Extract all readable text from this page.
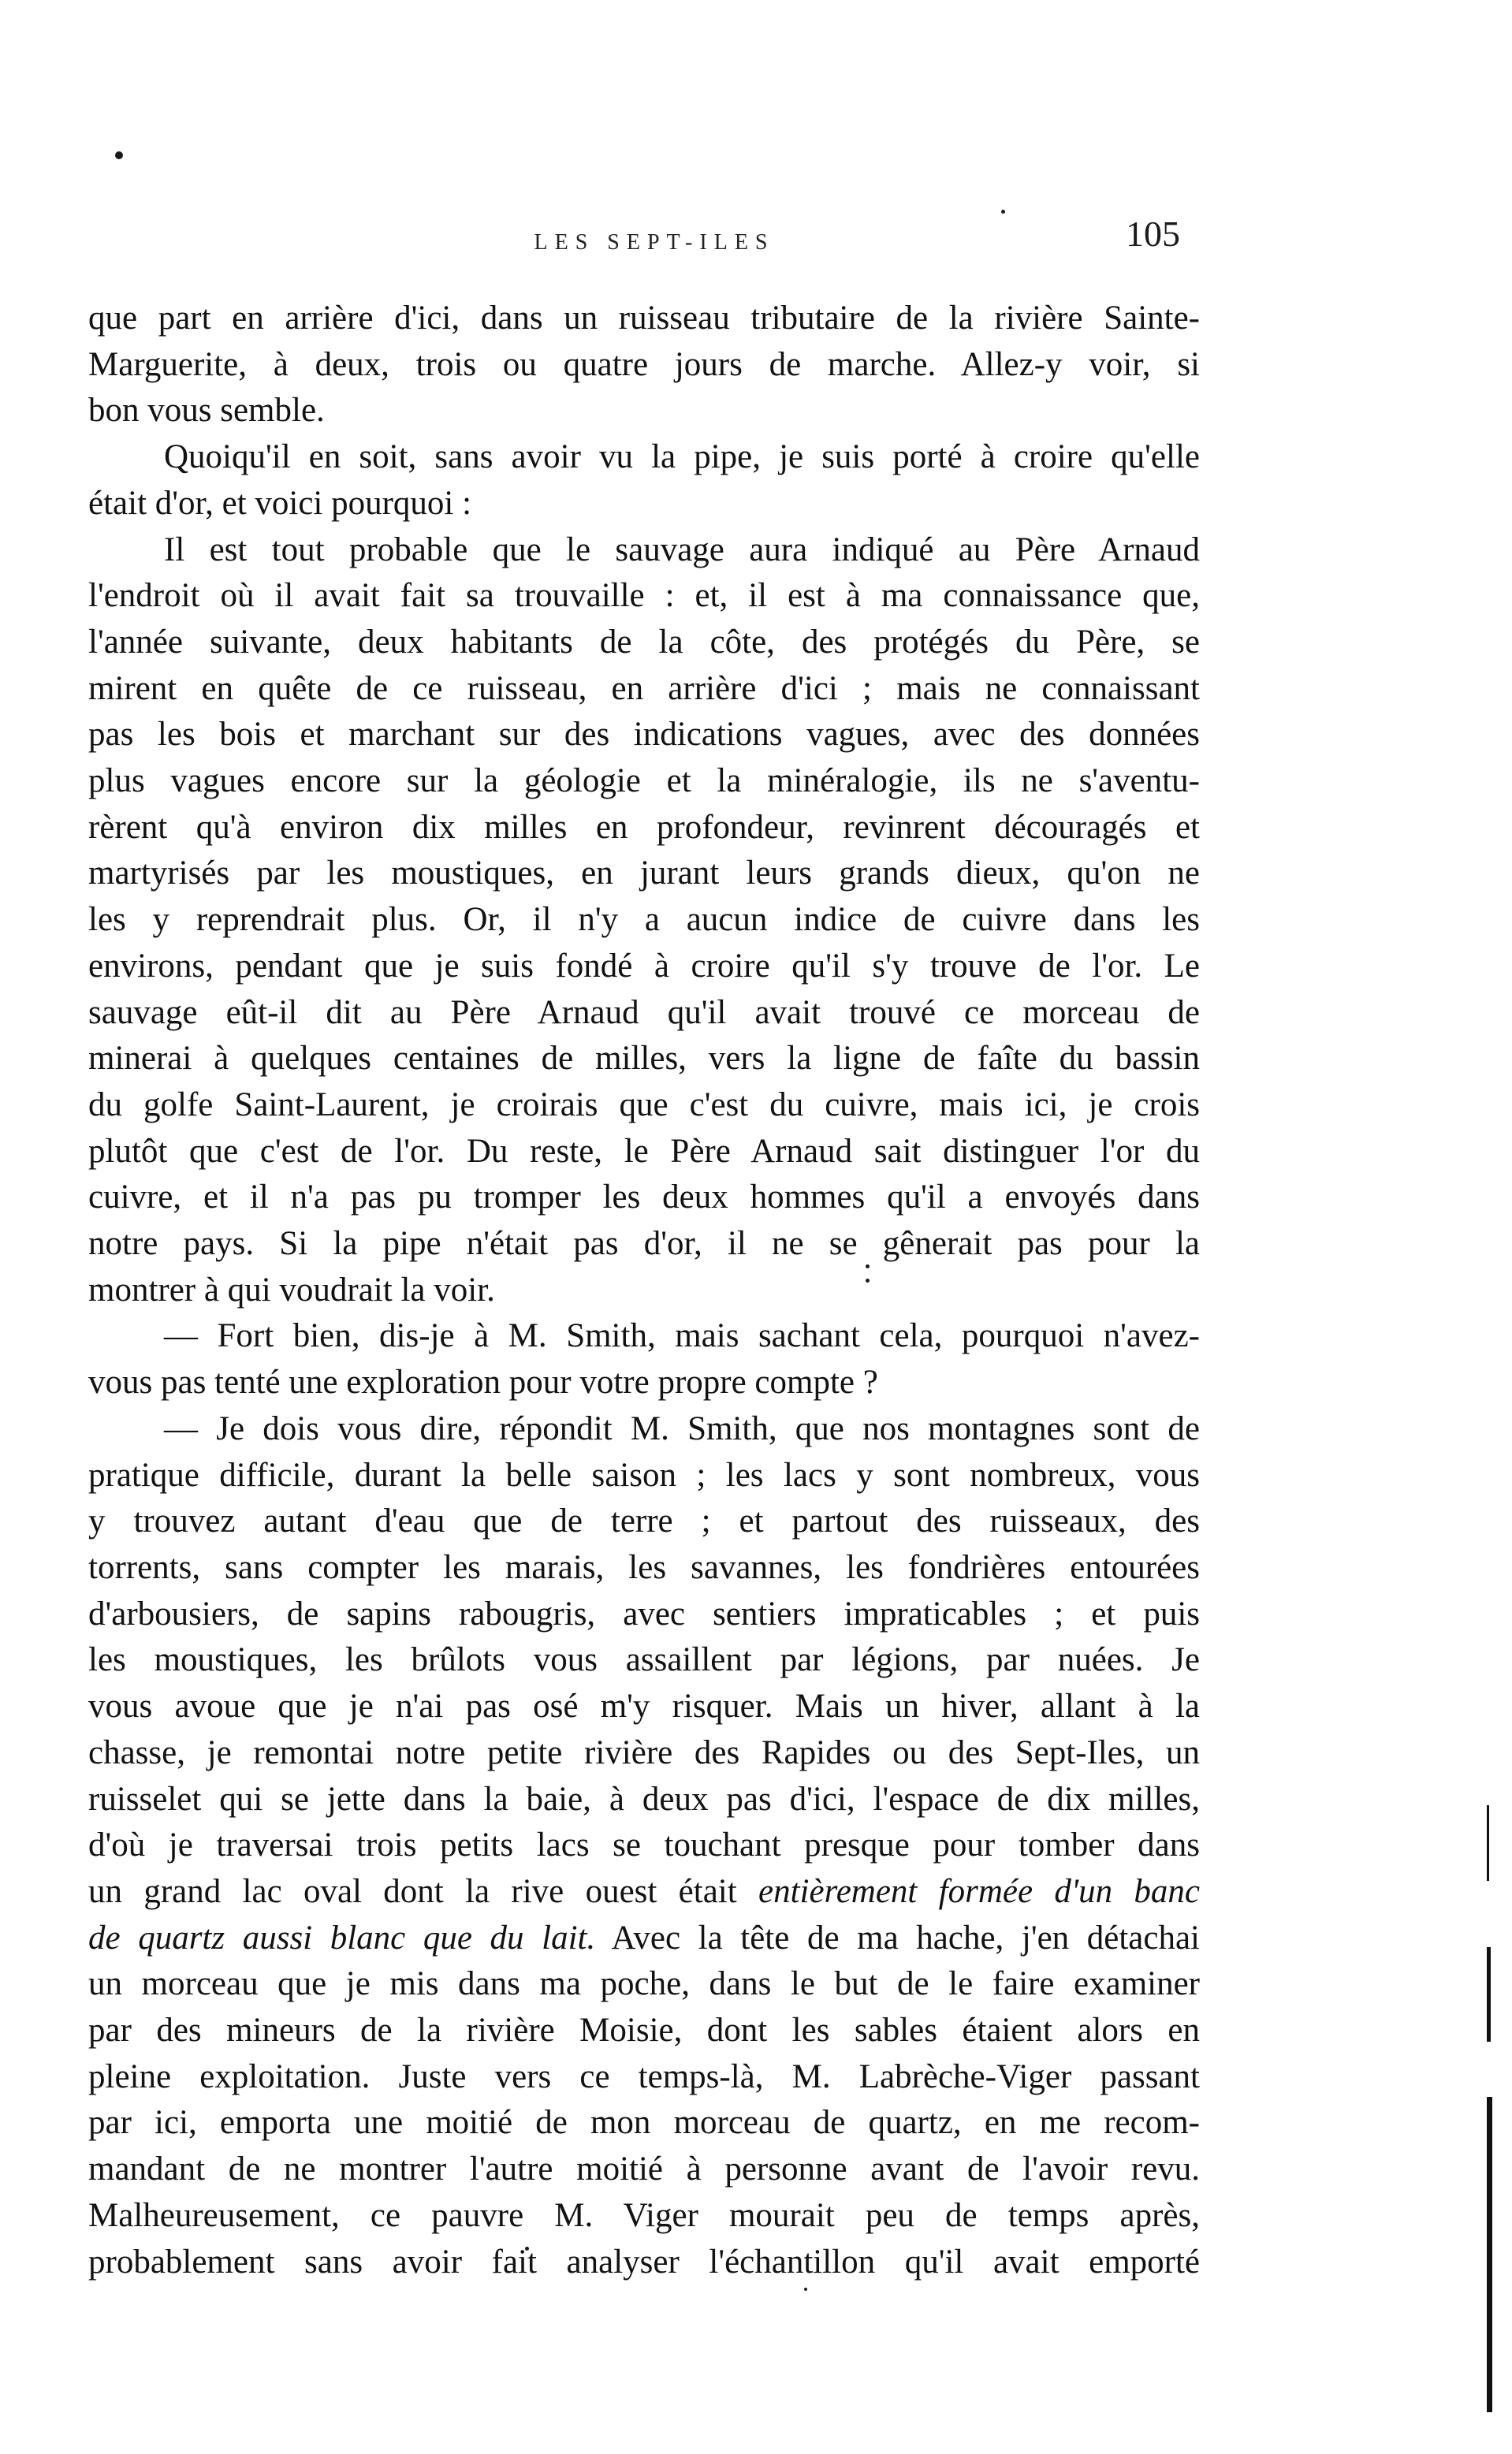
LES SEPT-ILES	105
que part en arrière d'ici, dans un ruisseau tributaire de la rivière Sainte-
Marguerite, à deux, trois ou quatre jours de marche. Allez-y voir, si
bon vous semble.
Quoiqu'il en soit, sans avoir vu la pipe, je suis porté à croire qu'elle
était d'or, et voici pourquoi :
Il est tout probable que le sauvage aura indiqué au Père Arnaud
l'endroit où il avait fait sa trouvaille : et, il est à ma connaissance que,
l'année suivante, deux habitants de la côte, des protégés du Père, se
mirent en quête de ce ruisseau, en arrière d'ici ; mais ne connaissant
pas les bois et marchant sur des indications vagues, avec des données
plus vagues encore sur la géologie et la minéralogie, ils ne s'aventu-
rèrent qu'à environ dix milles en profondeur, revinrent découragés et
martyrisés par les moustiques, en jurant leurs grands dieux, qu'on ne
les y reprendrait plus. Or, il n'y a aucun indice de cuivre dans les
environs, pendant que je suis fondé à croire qu'il s'y trouve de l'or. Le
sauvage eût-il dit au Père Arnaud qu'il avait trouvé ce morceau de
minerai à quelques centaines de milles, vers la ligne de faîte du bassin
du golfe Saint-Laurent, je croirais que c'est du cuivre, mais ici, je crois
plutôt que c'est de l'or. Du reste, le Père Arnaud sait distinguer l'or du
cuivre, et il n'a pas pu tromper les deux hommes qu'il a envoyés dans
notre pays. Si la pipe n'était pas d'or, il ne se gênerait pas pour la
montrer à qui voudrait la voir.
— Fort bien, dis-je à M. Smith, mais sachant cela, pourquoi n'avez-
vous pas tenté une exploration pour votre propre compte ?
— Je dois vous dire, répondit M. Smith, que nos montagnes sont de
pratique difficile, durant la belle saison ; les lacs y sont nombreux, vous
y trouvez autant d'eau que de terre ; et partout des ruisseaux, des
torrents, sans compter les marais, les savannes, les fondrières entourées
d'arbousiers, de sapins rabougris, avec sentiers impraticables ; et puis
les moustiques, les brûlots vous assaillent par légions, par nuées. Je
vous avoue que je n'ai pas osé m'y risquer. Mais un hiver, allant à la
chasse, je remontai notre petite rivière des Rapides ou des Sept-Iles, un
ruisselet qui se jette dans la baie, à deux pas d'ici, l'espace de dix milles,
d'où je traversai trois petits lacs se touchant presque pour tomber dans
un grand lac oval dont la rive ouest était entièrement formée d'un banc
de quartz aussi blanc que du lait. Avec la tête de ma hache, j'en détachai
un morceau que je mis dans ma poche, dans le but de le faire examiner
par des mineurs de la rivière Moisie, dont les sables étaient alors en
pleine exploitation. Juste vers ce temps-là, M. Labrèche-Viger passant
par ici, emporta une moitié de mon morceau de quartz, en me recom-
mandant de ne montrer l'autre moitié à personne avant de l'avoir revu.
Malheureusement, ce pauvre M. Viger mourait peu de temps après,
probablement sans avoir fait analyser l'échantillon qu'il avait emporté
